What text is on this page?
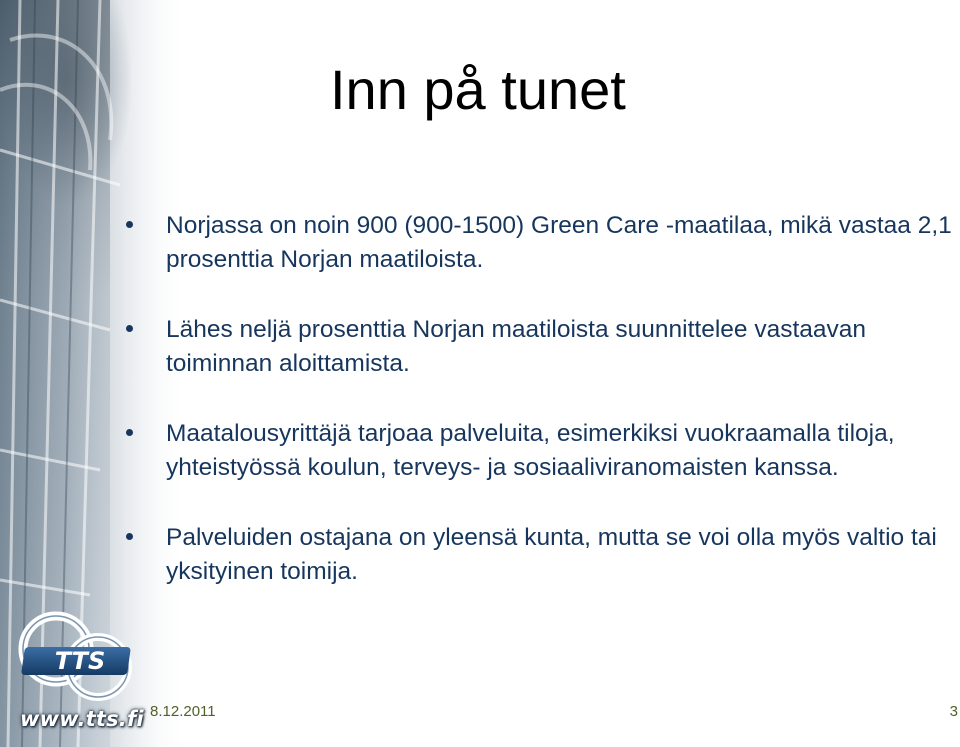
Inn på tunet
Norjassa on noin 900 (900-1500) Green Care -maatilaa, mikä vastaa 2,1 prosenttia Norjan maatiloista.
Lähes neljä prosenttia Norjan maatiloista suunnittelee vastaavan toiminnan aloittamista.
Maatalousyrittäjä tarjoaa palveluita, esimerkiksi vuokraamalla tiloja, yhteistyössä koulun, terveys- ja sosiaaliviranomaisten kanssa.
Palveluiden ostajana on yleensä kunta, mutta se voi olla myös valtio tai yksityinen toimija.
TTS
www.tts.fi 8.12.2011	3
